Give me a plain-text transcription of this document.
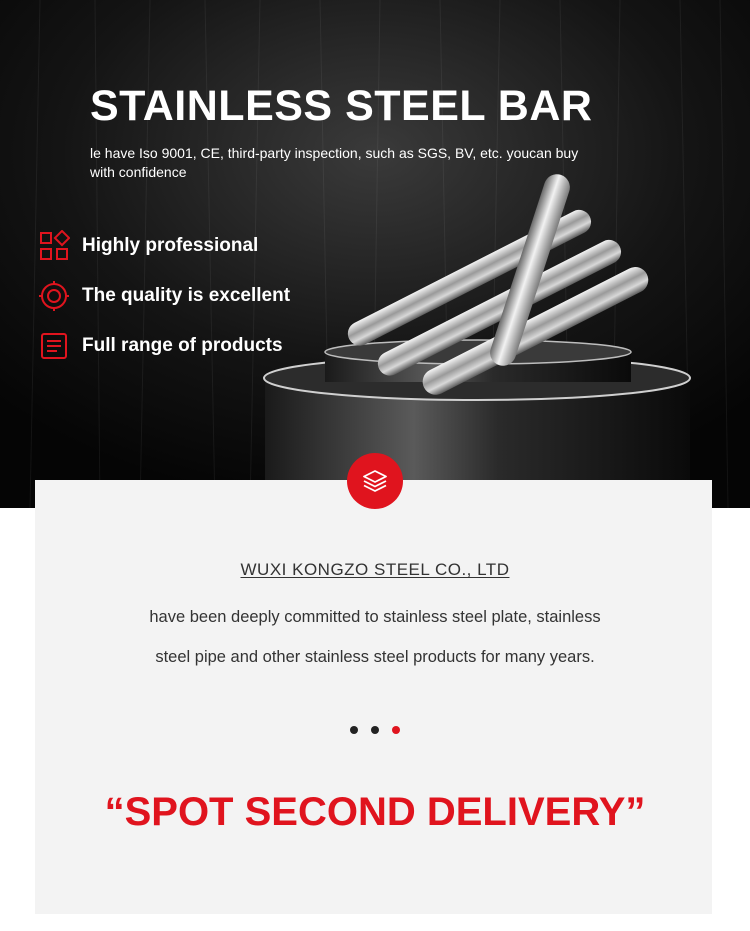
STAINLESS STEEL BAR

le have Iso 9001, CE, third-party inspection, such as SGS, BV, etc. youcan buy with confidence

Highly professional
The quality is excellent
Full range of products

WUXI KONGZO STEEL CO., LTD

have been deeply committed to stainless steel plate, stainless

steel pipe and other stainless steel products for many years.

“SPOT SECOND DELIVERY”
